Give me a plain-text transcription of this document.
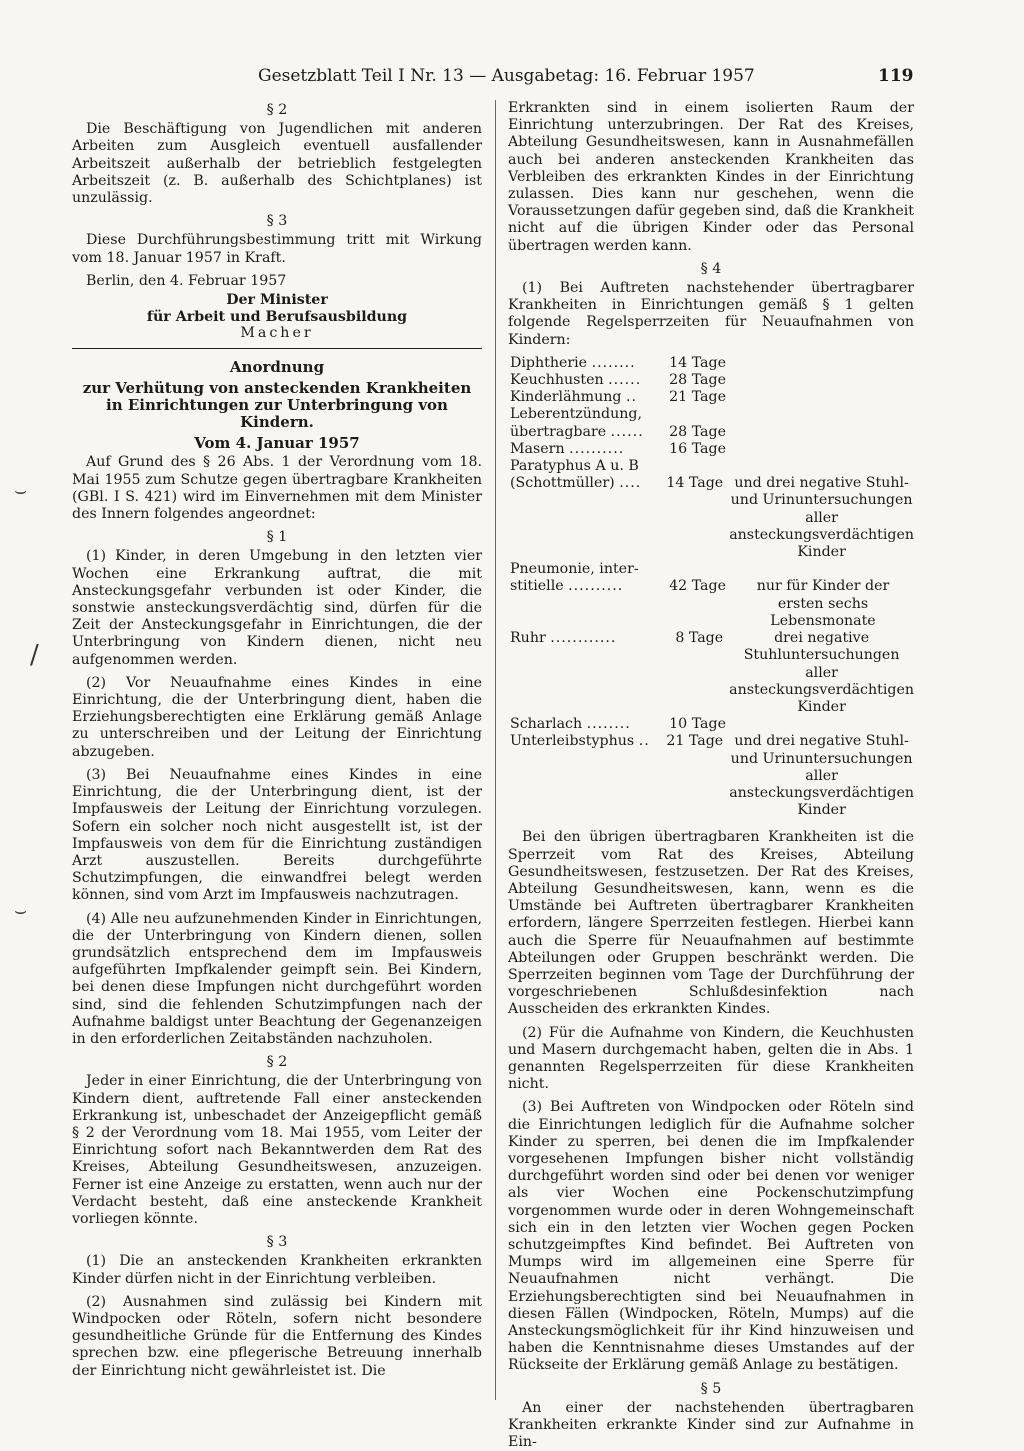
Gesetzblatt Teil I Nr. 13 — Ausgabetag: 16. Februar 1957	119
⌣
/
⌣
§ 2

Die Beschäftigung von Jugendlichen mit anderen Arbeiten zum Ausgleich eventuell ausfallender Arbeitszeit außerhalb der betrieblich festgelegten Arbeitszeit (z. B. außerhalb des Schichtplanes) ist unzulässig.

§ 3

Diese Durchführungsbestimmung tritt mit Wirkung vom 18. Januar 1957 in Kraft.

Berlin, den 4. Februar 1957
Der Minister
für Arbeit und Berufsausbildung
Macher
Anordnung
zur Verhütung von ansteckenden Krankheiten in Einrichtungen zur Unterbringung von Kindern.
Vom 4. Januar 1957

Auf Grund des § 26 Abs. 1 der Verordnung vom 18. Mai 1955 zum Schutze gegen übertragbare Krankheiten (GBl. I S. 421) wird im Einvernehmen mit dem Minister des Innern folgendes angeordnet:

§ 1

(1) Kinder, in deren Umgebung in den letzten vier Wochen eine Erkrankung auftrat, die mit Ansteckungsgefahr verbunden ist oder Kinder, die sonstwie ansteckungsverdächtig sind, dürfen für die Zeit der Ansteckungsgefahr in Einrichtungen, die der Unterbringung von Kindern dienen, nicht neu aufgenommen werden.

(2) Vor Neuaufnahme eines Kindes in eine Einrichtung, die der Unterbringung dient, haben die Erziehungsberechtigten eine Erklärung gemäß Anlage zu unterschreiben und der Leitung der Einrichtung abzugeben.

(3) Bei Neuaufnahme eines Kindes in eine Einrichtung, die der Unterbringung dient, ist der Impfausweis der Leitung der Einrichtung vorzulegen. Sofern ein solcher noch nicht ausgestellt ist, ist der Impfausweis von dem für die Einrichtung zuständigen Arzt auszustellen. Bereits durchgeführte Schutzimpfungen, die einwandfrei belegt werden können, sind vom Arzt im Impfausweis nachzutragen.

(4) Alle neu aufzunehmenden Kinder in Einrichtungen, die der Unterbringung von Kindern dienen, sollen grundsätzlich entsprechend dem im Impfausweis aufgeführten Impfkalender geimpft sein. Bei Kindern, bei denen diese Impfungen nicht durchgeführt worden sind, sind die fehlenden Schutzimpfungen nach der Aufnahme baldigst unter Beachtung der Gegenanzeigen in den erforderlichen Zeitabständen nachzuholen.

§ 2

Jeder in einer Einrichtung, die der Unterbringung von Kindern dient, auftretende Fall einer ansteckenden Erkrankung ist, unbeschadet der Anzeigepflicht gemäß § 2 der Verordnung vom 18. Mai 1955, vom Leiter der Einrichtung sofort nach Bekanntwerden dem Rat des Kreises, Abteilung Gesundheitswesen, anzuzeigen. Ferner ist eine Anzeige zu erstatten, wenn auch nur der Verdacht besteht, daß eine ansteckende Krankheit vorliegen könnte.

§ 3

(1) Die an ansteckenden Krankheiten erkrankten Kinder dürfen nicht in der Einrichtung verbleiben.

(2) Ausnahmen sind zulässig bei Kindern mit Windpocken oder Röteln, sofern nicht besondere gesundheitliche Gründe für die Entfernung des Kindes sprechen bzw. eine pflegerische Betreuung innerhalb der Einrichtung nicht gewährleistet ist. Die

Erkrankten sind in einem isolierten Raum der Einrichtung unterzubringen. Der Rat des Kreises, Abteilung Gesundheitswesen, kann in Ausnahmefällen auch bei anderen ansteckenden Krankheiten das Verbleiben des erkrankten Kindes in der Einrichtung zulassen. Dies kann nur geschehen, wenn die Voraussetzungen dafür gegeben sind, daß die Krankheit nicht auf die übrigen Kinder oder das Personal übertragen werden kann.

§ 4

(1) Bei Auftreten nachstehender übertragbarer Krankheiten in Einrichtungen gemäß § 1 gelten folgende Regelsperrzeiten für Neuaufnahmen von Kindern:

Diphtherie ........	14 Tage
Keuchhusten ......	28 Tage
Kinderlähmung ..	21 Tage
Leberentzündung,
übertragbare ......	28 Tage
Masern ..........	16 Tage
Paratyphus A u. B
(Schottmüller) ....	14 Tage und drei negative Stuhl- und Urinuntersuchungen aller ansteckungsverdächtigen Kinder
Pneumonie, inter-
stitielle ..........	42 Tage	nur für Kinder der ersten sechs Lebensmonate
Ruhr ............	8 Tage	drei negative Stuhluntersuchungen aller ansteckungsverdächtigen Kinder
Scharlach ........	10 Tage
Unterleibstyphus ..	21 Tage und drei negative Stuhl- und Urinuntersuchungen aller ansteckungsverdächtigen Kinder

Bei den übrigen übertragbaren Krankheiten ist die Sperrzeit vom Rat des Kreises, Abteilung Gesundheitswesen, festzusetzen. Der Rat des Kreises, Abteilung Gesundheitswesen, kann, wenn es die Umstände bei Auftreten übertragbarer Krankheiten erfordern, längere Sperrzeiten festlegen. Hierbei kann auch die Sperre für Neuaufnahmen auf bestimmte Abteilungen oder Gruppen beschränkt werden. Die Sperrzeiten beginnen vom Tage der Durchführung der vorgeschriebenen Schlußdesinfektion nach Ausscheiden des erkrankten Kindes.

(2) Für die Aufnahme von Kindern, die Keuchhusten und Masern durchgemacht haben, gelten die in Abs. 1 genannten Regelsperrzeiten für diese Krankheiten nicht.

(3) Bei Auftreten von Windpocken oder Röteln sind die Einrichtungen lediglich für die Aufnahme solcher Kinder zu sperren, bei denen die im Impfkalender vorgesehenen Impfungen bisher nicht vollständig durchgeführt worden sind oder bei denen vor weniger als vier Wochen eine Pockenschutzimpfung vorgenommen wurde oder in deren Wohngemeinschaft sich ein in den letzten vier Wochen gegen Pocken schutzgeimpftes Kind befindet. Bei Auftreten von Mumps wird im allgemeinen eine Sperre für Neuaufnahmen nicht verhängt. Die Erziehungsberechtigten sind bei Neuaufnahmen in diesen Fällen (Windpocken, Röteln, Mumps) auf die Ansteckungsmöglichkeit für ihr Kind hinzuweisen und haben die Kenntnisnahme dieses Umstandes auf der Rückseite der Erklärung gemäß Anlage zu bestätigen.

§ 5

An einer der nachstehenden übertragbaren Krankheiten erkrankte Kinder sind zur Aufnahme in Ein-
